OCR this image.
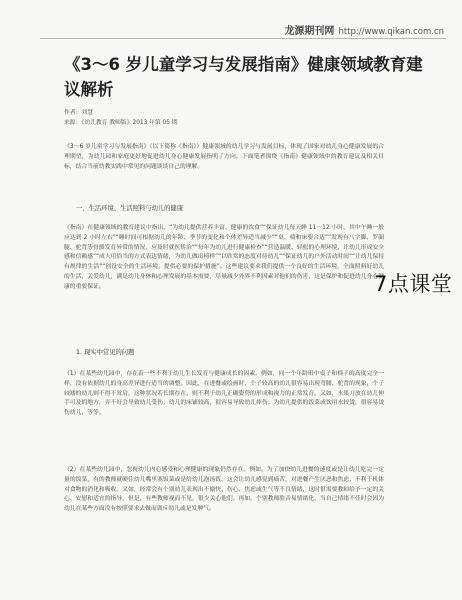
龙源期刊网 http://www.qikan.com.cn
《3～6 岁儿童学习与发展指南》健康领域教育建议解析
作者：刘慧
来源：《幼儿教育 教师版》2013 年第 05 期
《3～6 岁儿童学习与发展指南》（以下简称《指南》）健康领域的幼儿学习与发展目标，体现了国家对幼儿身心健康发展的合理期望，为幼儿园和家庭更好地促进幼儿身心健康发展指明了方向。下面笔者围绕《指南》健康领域中的教育建议及相关目标，结合当前幼教实践中常见的问题谈谈自己的理解。
一、生活环境、生活照料与幼儿的健康
《指南》在健康领域的教育建议中指出，“为幼儿提供营养丰富、健康的饮食”“保证幼儿每天睡 11～12 小时，其中午睡一般应达到 2 小时左右”“睡时间可根据幼儿的年龄、季节的变化和个体差异适当减少”“桌、椅和床要合适”“发现有八字脚、罗圈腿、驼背等骨骼发育异常的情况，应及时就医矫治”“每年为幼儿进行健康检查”“营造温暖、轻松的心理环境，让幼儿形成安全感和信赖感”“成人用恰当的方式表达情绪，为幼儿做出榜样”“以欣赏的态度对待幼儿”“保证幼儿的户外活动时间”“让幼儿保持有规律的生活”“创设安全的生活环境，提供必要的保护措施”。这些建议要求我们提供一个良好的生活环境，全面照料好幼儿的生活，关爱幼儿，满足幼儿身体和心理发展的基本需要，尽量减少外界不利因素对他们的伤害，这是保护和促进幼儿身心健康的重要保证。
1. 现实中常见的问题
（1）在某些幼儿园中，存在着一些不利于幼儿生长发育与健康成长的因素。例如，同一个年龄班中桌子和椅子的高度完全一样，没有依据幼儿的身高差异进行适当的调整。因此，在进餐或绘画时，个子较高的幼儿很容易出现弯腰、驼背的现象，个子较矮的幼儿则不得不耸肩，这种状况若长期存在，则不利于幼儿正确姿势的形成和视力的正常发育。又如，水果刀放在幼儿伸手可及的地方，弄不好会导致幼儿受伤；幼儿的床铺较高，很容易导致幼儿摔伤；为幼儿提供的饭菜或饮用水较烫，很容易烫伤幼儿，等等。
（2）在某些幼儿园中，忽视幼儿内心感受和心理健康的现象仍然存在。例如，为了加快幼儿进餐的速度或是让幼儿吃完一定量的饭菜，有的教师就硬往幼儿嘴里塞饭菜或是给幼儿泡汤饭，这会让幼儿感觉到痛苦，对进餐产生厌恶和焦虑，不利于机体对食物的消化和吸收。又如，经常会有个别幼儿表现出不愉快、伤心、焦虑或生气等不良情绪，这时很需要教师给予一定的关心、安慰和适宜的指导，但是，有些教师视而不见，很少关心他们。再如，个别教师脸音易情绪化，当自己情绪不佳时会因为幼儿在某些方面没有按照要求去做而训斥幼儿或是发脾气。
7点课堂
